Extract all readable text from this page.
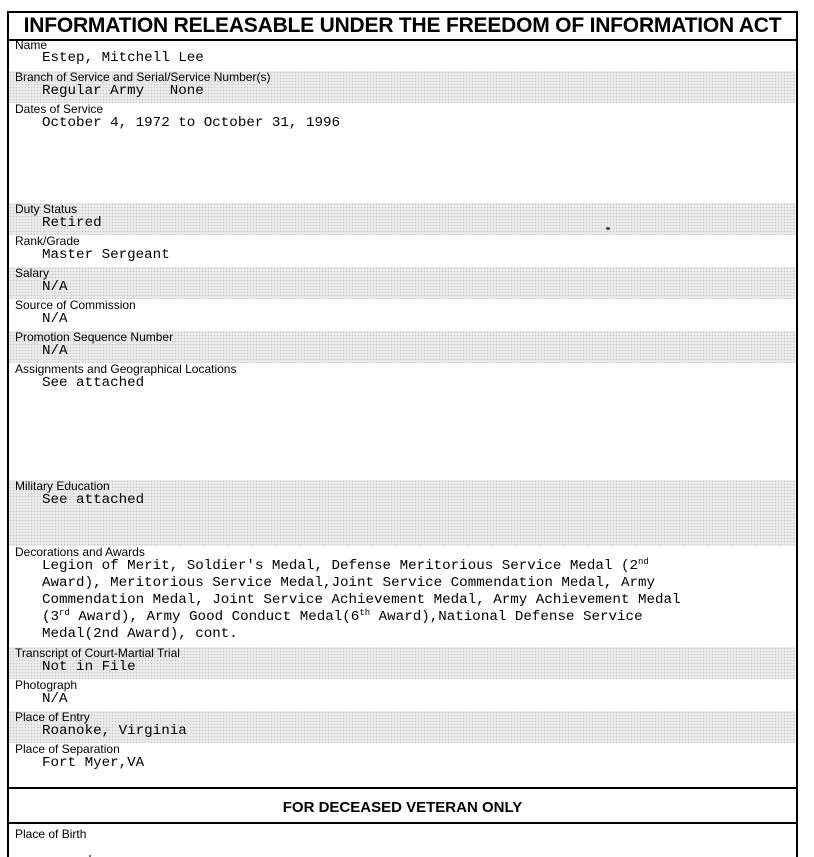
INFORMATION RELEASABLE UNDER THE FREEDOM OF INFORMATION ACT
Name
Estep, Mitchell Lee
Branch of Service and Serial/Service Number(s)
Regular Army   None
Dates of Service
October 4, 1972 to October 31, 1996
Duty Status
Retired
Rank/Grade
Master Sergeant
Salary
N/A
Source of Commission
N/A
Promotion Sequence Number
N/A
Assignments and Geographical Locations
See attached
Military Education
See attached
Decorations and Awards

Legion of Merit, Soldier's Medal, Defense Meritorious Service Medal (2nd

Award), Meritorious Service Medal,Joint Service Commendation Medal, Army

Commendation Medal, Joint Service Achievement Medal, Army Achievement Medal

(3rd Award), Army Good Conduct Medal(6th Award),National Defense Service

Medal(2nd Award), cont.

Transcript of Court-Martial Trial
Not in File
Photograph
N/A
Place of Entry
Roanoke, Virginia
Place of Separation
Fort Myer,VA
FOR DECEASED VETERAN ONLY
Place of Birth
